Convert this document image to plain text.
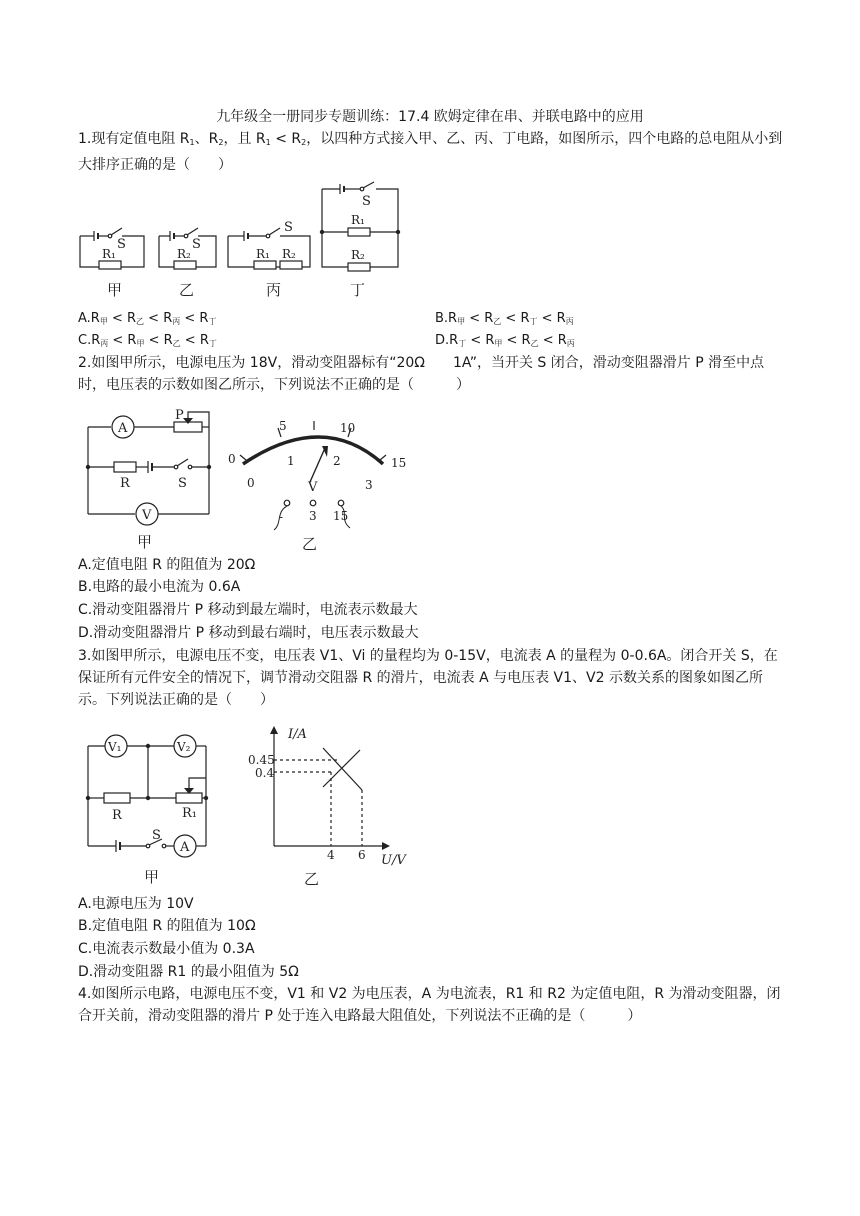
九年级全一册同步专题训练：17.4 欧姆定律在串、并联电路中的应用
1.现有定值电阻 $R_1$、$R_2$，且 $R_1 < R_2$，以四种方式接入甲、乙、丙、丁电路，如图所示，四个电路的总电阻从小到大排序正确的是（　　）
S
R₁
甲
S
R₂
乙
S
R₁ R₂
丙
S
R₁
R₂
丁
$A.R_甲 < R_乙 < R_丙 < R_丁$	$B.R_甲 < R_乙 < R_丁 < R_丙$
$C.R_丙 < R_甲 < R_乙 < R_丁$	$D.R_丁 < R_甲 < R_乙 < R_丙$
2.如图甲所示，电源电压为 18V，滑动变阻器标有“20Ω　　1A”，当开关 S 闭合，滑动变阻器滑片 P 滑至中点时，电压表的示数如图乙所示，下列说法不正确的是（　　　）
A
P
R	S
V
甲
0
5	10
15
0
1	2
3
V
- 3 15
乙
A.定值电阻 R 的阻值为 20Ω
B.电路的最小电流为 0.6A
C.滑动变阻器滑片 P 移动到最左端时，电流表示数最大
D.滑动变阻器滑片 P 移动到最右端时，电压表示数最大
3.如图甲所示，电源电压不变，电压表 V1、Vi 的量程均为 0-15V，电流表 A 的量程为 0-0.6A。闭合开关 S，在保证所有元件安全的情况下，调节滑动交阻器 R 的滑片，电流表 A 与电压表 V1、V2 示数关系的图象如图乙所示。下列说法正确的是（　　）
V₁	V₂
R	R₁
S
A
甲
I/A
U/V
0.45
0.4
4 6
乙
A.电源电压为 10V
B.定值电阻 R 的阻值为 10Ω
C.电流表示数最小值为 0.3A
D.滑动变阻器 R1 的最小阻值为 5Ω
4.如图所示电路，电源电压不变，V1 和 V2 为电压表，A 为电流表，R1 和 R2 为定值电阻，R 为滑动变阻器，闭合开关前，滑动变阻器的滑片 P 处于连入电路最大阻值处，下列说法不正确的是（　　　）
